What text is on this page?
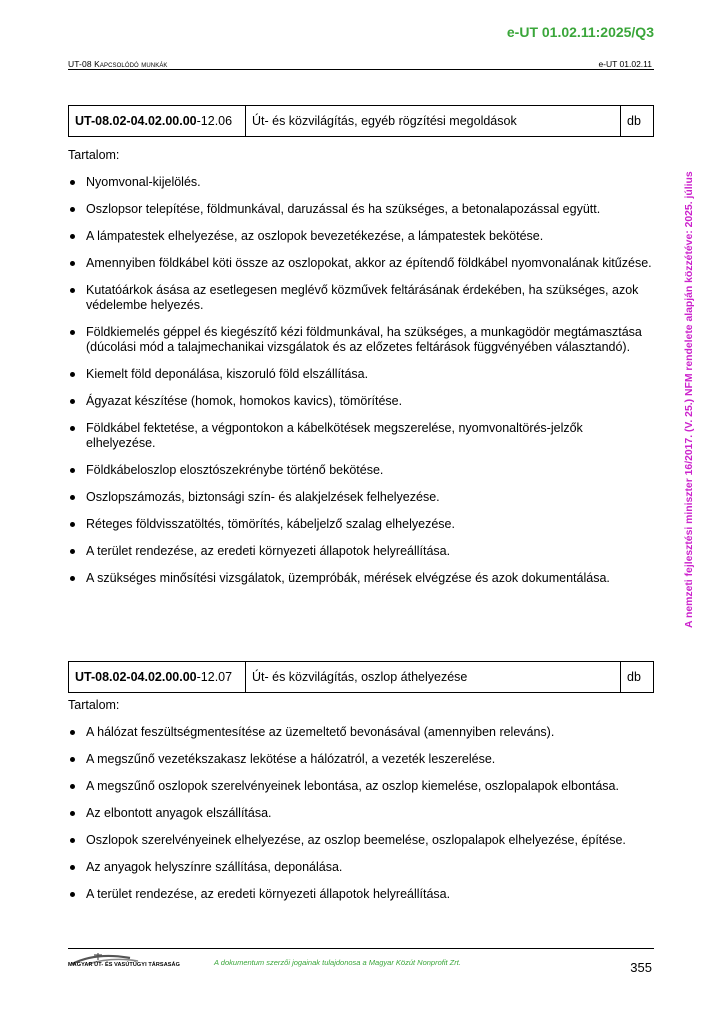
e-UT 01.02.11:2025/Q3
UT-08 Kapcsolódó munkák	e-UT 01.02.11
A nemzeti fejlesztési miniszter 16/2017. (V. 25.) NFM rendelete alapján közzétéve: 2025. július
UT-08.02-04.02.00.00-12.06	Út- és közvilágítás, egyéb rögzítési megoldások	db
Tartalom:
Nyomvonal-kijelölés.
Oszlopsor telepítése, földmunkával, daruzással és ha szükséges, a betonalapozással együtt.
A lámpatestek elhelyezése, az oszlopok bevezetékezése, a lámpatestek bekötése.
Amennyiben földkábel köti össze az oszlopokat, akkor az építendő földkábel nyomvonalának kitűzése.
Kutatóárkok ásása az esetlegesen meglévő közművek feltárásának érdekében, ha szükséges, azok védelembe helyezés.
Földkiemelés géppel és kiegészítő kézi földmunkával, ha szükséges, a munkagödör megtámasztása (dúcolási mód a talajmechanikai vizsgálatok és az előzetes feltárások függvényében választandó).
Kiemelt föld deponálása, kiszoruló föld elszállítása.
Ágyazat készítése (homok, homokos kavics), tömörítése.
Földkábel fektetése, a végpontokon a kábelkötések megszerelése, nyomvonaltörés-jelzők elhelyezése.
Földkábeloszlop elosztószekrénybe történő bekötése.
Oszlopszámozás, biztonsági szín- és alakjelzések felhelyezése.
Réteges földvisszatöltés, tömörítés, kábeljelző szalag elhelyezése.
A terület rendezése, az eredeti környezeti állapotok helyreállítása.
A szükséges minősítési vizsgálatok, üzempróbák, mérések elvégzése és azok dokumentálása.
UT-08.02-04.02.00.00-12.07	Út- és közvilágítás, oszlop áthelyezése	db
Tartalom:
A hálózat feszültségmentesítése az üzemeltető bevonásával (amennyiben releváns).
A megszűnő vezetékszakasz lekötése a hálózatról, a vezeték leszerelése.
A megszűnő oszlopok szerelvényeinek lebontása, az oszlop kiemelése, oszlopalapok elbontása.
Az elbontott anyagok elszállítása.
Oszlopok szerelvényeinek elhelyezése, az oszlop beemelése, oszlopalapok elhelyezése, építése.
Az anyagok helyszínre szállítása, deponálása.
A terület rendezése, az eredeti környezeti állapotok helyreállítása.
MAGYAR ÚT- ÉS VASÚTÜGYI TÁRSASÁG	A dokumentum szerzői jogainak tulajdonosa a Magyar Közút Nonprofit Zrt.	355
